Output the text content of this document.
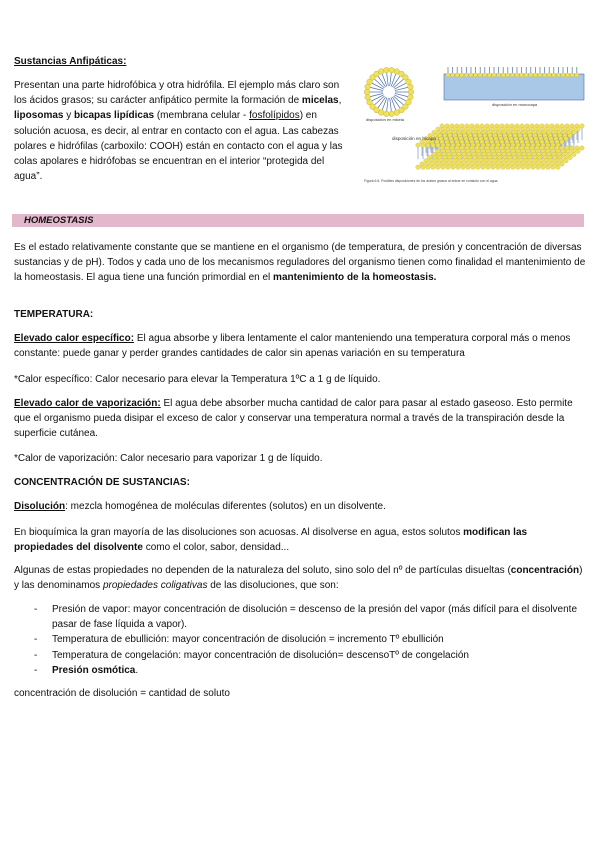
Sustancias Anfipáticas:

Presentan una parte hidrofóbica y otra hidrófila. El ejemplo más claro son los ácidos grasos; su carácter anfipático permite la formación de micelas, liposomas y bicapas lipídicas (membrana celular - fosfolípidos) en solución acuosa, es decir, al entrar en contacto con el agua. Las cabezas polares e hidrófilas (carboxilo: COOH) están en contacto con el agua y las colas apolares e hidrófobas se encuentran en el interior “protegida del agua”.

disposición en micela
disposición en monocapa
disposición en bicapa
Figura 6.6. Posibles disposiciones de los ácidos grasos al entrar en contacto con el agua.
HOMEOSTASIS

Es el estado relativamente constante que se mantiene en el organismo (de temperatura, de presión y concentración de diversas sustancias y de pH). Todos y cada uno de los mecanismos reguladores del organismo tienen como finalidad el mantenimiento de la homeostasis. El agua tiene una función primordial en el mantenimiento de la homeostasis.

TEMPERATURA:

Elevado calor específico: El agua absorbe y libera lentamente el calor manteniendo una temperatura corporal más o menos constante: puede ganar y perder grandes cantidades de calor sin apenas variación en su temperatura

*Calor específico: Calor necesario para elevar la Temperatura 1ºC a 1 g de líquido.

Elevado calor de vaporización: El agua debe absorber mucha cantidad de calor para pasar al estado gaseoso. Esto permite que el organismo pueda disipar el exceso de calor y conservar una temperatura normal a través de la transpiración desde la superficie cutánea.

*Calor de vaporización: Calor necesario para vaporizar 1 g de líquido.

CONCENTRACIÓN DE SUSTANCIAS:

Disolución: mezcla homogénea de moléculas diferentes (solutos) en un disolvente.

En bioquímica la gran mayoría de las disoluciones son acuosas. Al disolverse en agua, estos solutos modifican las propiedades del disolvente como el color, sabor, densidad...

Algunas de estas propiedades no dependen de la naturaleza del soluto, sino solo del nº de partículas disueltas (concentración) y las denominamos propiedades coligativas de las disoluciones, que son:

- Presión de vapor: mayor concentración de disolución = descenso de la presión del vapor (más difícil para el disolvente pasar de fase líquida a vapor).
- Temperatura de ebullición: mayor concentración de disolución = incremento Tº ebullición
- Temperatura de congelación: mayor concentración de disolución= descensoTº de congelación
- Presión osmótica.

concentración de disolución = cantidad de soluto
